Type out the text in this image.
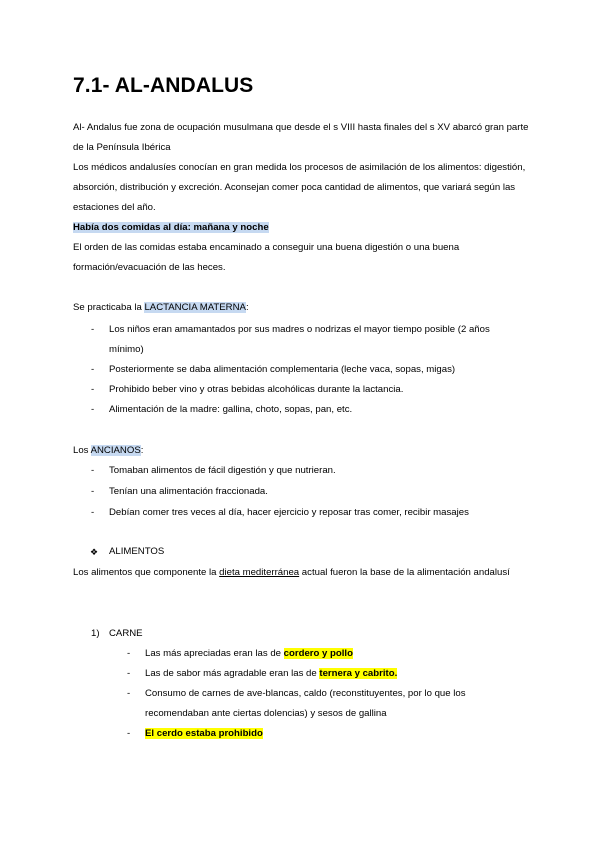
7.1- AL-ANDALUS

Al- Andalus fue zona de ocupación musulmana que desde el s VIII hasta finales del s XV abarcó gran parte de la Península Ibérica

Los médicos andalusíes conocían en gran medida los procesos de asimilación de los alimentos: digestión, absorción, distribución y excreción. Aconsejan comer poca cantidad de alimentos, que variará según las estaciones del año.

Había dos comidas al día: mañana y noche

El orden de las comidas estaba encaminado a conseguir una buena digestión o una buena formación/evacuación de las heces.

Se practicaba la LACTANCIA MATERNA:

- Los niños eran amamantados por sus madres o nodrizas el mayor tiempo posible (2 años mínimo)
- Posteriormente se daba alimentación complementaria (leche vaca, sopas, migas)
- Prohibido beber vino y otras bebidas alcohólicas durante la lactancia.
- Alimentación de la madre: gallina, choto, sopas, pan, etc.

Los ANCIANOS:

- Tomaban alimentos de fácil digestión y que nutrieran.
- Tenían una alimentación fraccionada.
- Debían comer tres veces al día, hacer ejercicio y reposar tras comer, recibir masajes
❖ ALIMENTOS

Los alimentos que componente la dieta mediterránea actual fueron la base de la alimentación andalusí

1) CARNE
- Las más apreciadas eran las de cordero y pollo
- Las de sabor más agradable eran las de ternera y cabrito.
- Consumo de carnes de ave-blancas, caldo (reconstituyentes, por lo que los recomendaban ante ciertas dolencias) y sesos de gallina
- El cerdo estaba prohibido
